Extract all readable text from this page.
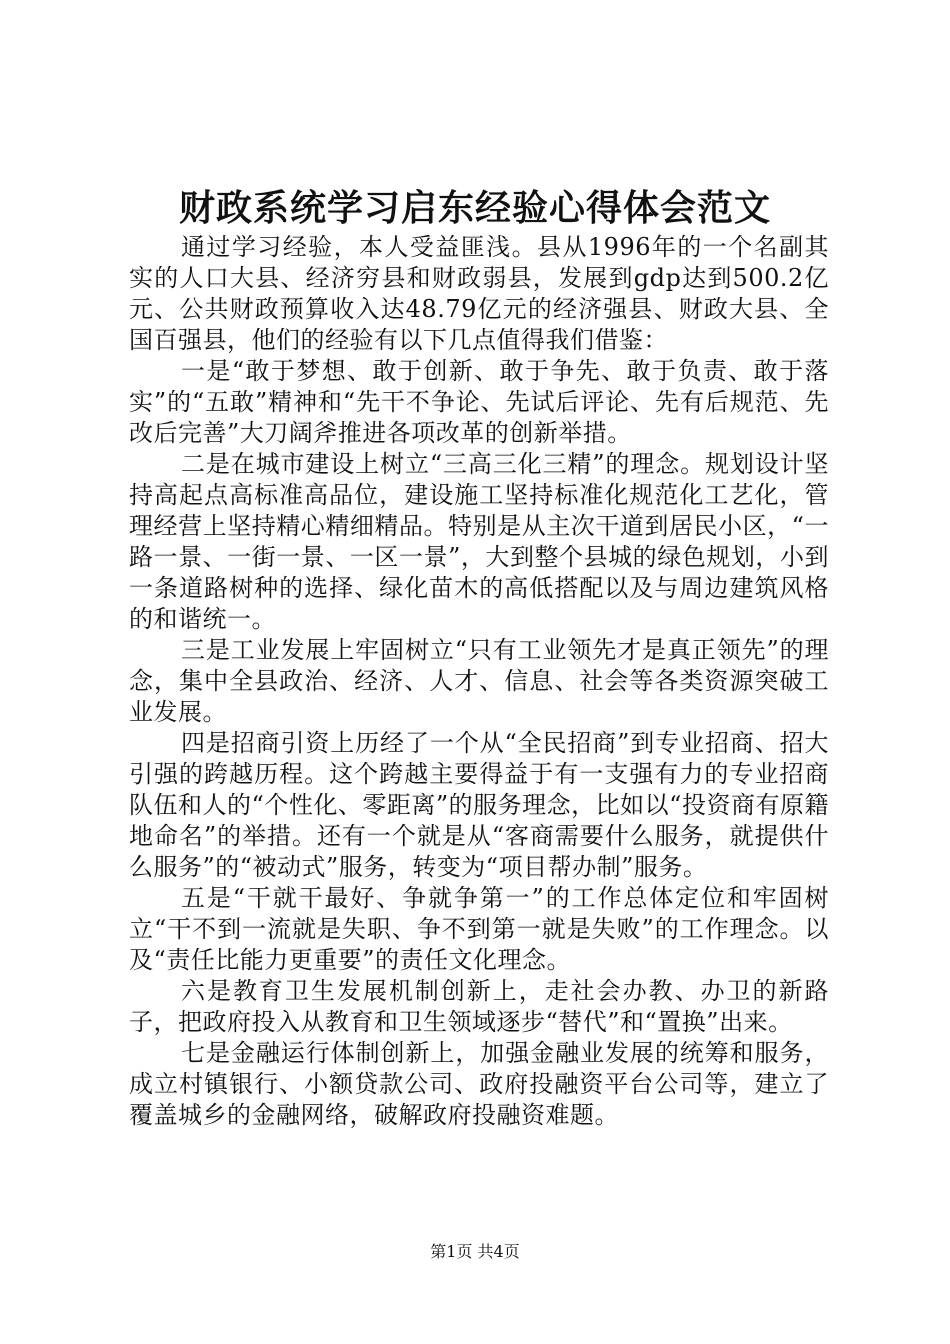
财政系统学习启东经验心得体会范文

通过学习经验，本人受益匪浅。县从1996年的一个名副其实的人口大县、经济穷县和财政弱县，发展到gdp达到500.2亿元、公共财政预算收入达48.79亿元的经济强县、财政大县、全国百强县，他们的经验有以下几点值得我们借鉴：

一是“敢于梦想、敢于创新、敢于争先、敢于负责、敢于落实”的“五敢”精神和“先干不争论、先试后评论、先有后规范、先改后完善”大刀阔斧推进各项改革的创新举措。

二是在城市建设上树立“三高三化三精”的理念。规划设计坚持高起点高标准高品位，建设施工坚持标准化规范化工艺化，管理经营上坚持精心精细精品。特别是从主次干道到居民小区，“一路一景、一街一景、一区一景”，大到整个县城的绿色规划，小到一条道路树种的选择、绿化苗木的高低搭配以及与周边建筑风格的和谐统一。

三是工业发展上牢固树立“只有工业领先才是真正领先”的理念，集中全县政治、经济、人才、信息、社会等各类资源突破工业发展。

四是招商引资上历经了一个从“全民招商”到专业招商、招大引强的跨越历程。这个跨越主要得益于有一支强有力的专业招商队伍和人的“个性化、零距离”的服务理念，比如以“投资商有原籍地命名”的举措。还有一个就是从“客商需要什么服务，就提供什么服务”的“被动式”服务，转变为“项目帮办制”服务。

五是“干就干最好、争就争第一”的工作总体定位和牢固树立“干不到一流就是失职、争不到第一就是失败”的工作理念。以及“责任比能力更重要”的责任文化理念。

六是教育卫生发展机制创新上，走社会办教、办卫的新路子，把政府投入从教育和卫生领域逐步“替代”和“置换”出来。

七是金融运行体制创新上，加强金融业发展的统筹和服务，成立村镇银行、小额贷款公司、政府投融资平台公司等，建立了覆盖城乡的金融网络，破解政府投融资难题。

第1页 共4页
